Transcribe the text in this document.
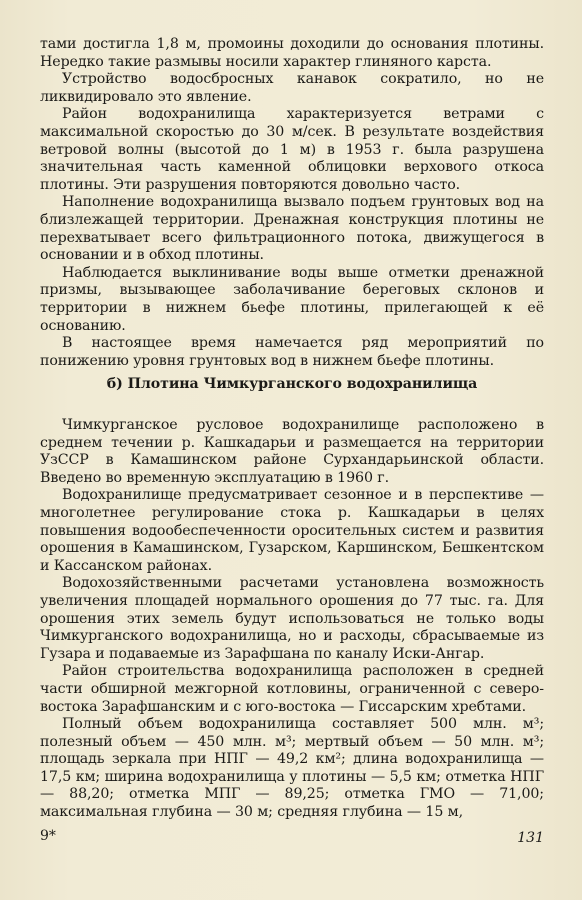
тами достигла 1,8 м, промоины доходили до основания плотины. Нередко такие размывы носили характер глиняного карста.

Устройство водосбросных канавок сократило, но не ликвидировало это явление.

Район водохранилища характеризуется ветрами с максимальной скоростью до 30 м/сек. В результате воздействия ветровой волны (высотой до 1 м) в 1953 г. была разрушена значительная часть каменной облицовки верхового откоса плотины. Эти разрушения повторяются довольно часто.

Наполнение водохранилища вызвало подъем грунтовых вод на близлежащей территории. Дренажная конструкция плотины не перехватывает всего фильтрационного потока, движущегося в основании и в обход плотины.

Наблюдается выклинивание воды выше отметки дренажной призмы, вызывающее заболачивание береговых склонов и территории в нижнем бьефе плотины, прилегающей к её основанию.

В настоящее время намечается ряд мероприятий по понижению уровня грунтовых вод в нижнем бьефе плотины.

б) Плотина Чимкурганского водохранилища

Чимкурганское русловое водохранилище расположено в среднем течении р. Кашкадарьи и размещается на территории УзССР в Камашинском районе Сурхандарьинской области. Введено во временную эксплуатацию в 1960 г.

Водохранилище предусматривает сезонное и в перспективе — многолетнее регулирование стока р. Кашкадарьи в целях повышения водообеспеченности оросительных систем и развития орошения в Камашинском, Гузарском, Каршинском, Бешкентском и Кассанском районах.

Водохозяйственными расчетами установлена возможность увеличения площадей нормального орошения до 77 тыс. га. Для орошения этих земель будут использоваться не только воды Чимкурганского водохранилища, но и расходы, сбрасываемые из Гузара и подаваемые из Зарафшана по каналу Иски-Ангар.

Район строительства водохранилища расположен в средней части обширной межгорной котловины, ограниченной с северо-востока Зарафшанским и с юго-востока — Гиссарским хребтами.

Полный объем водохранилища составляет 500 млн. м³; полезный объем — 450 млн. м³; мертвый объем — 50 млн. м³; площадь зеркала при НПГ — 49,2 км²; длина водохранилища — 17,5 км; ширина водохранилища у плотины — 5,5 км; отметка НПГ — 88,20; отметка МПГ — 89,25; отметка ГМО — 71,00; максимальная глубина — 30 м; средняя глубина — 15 м,

9*	131
